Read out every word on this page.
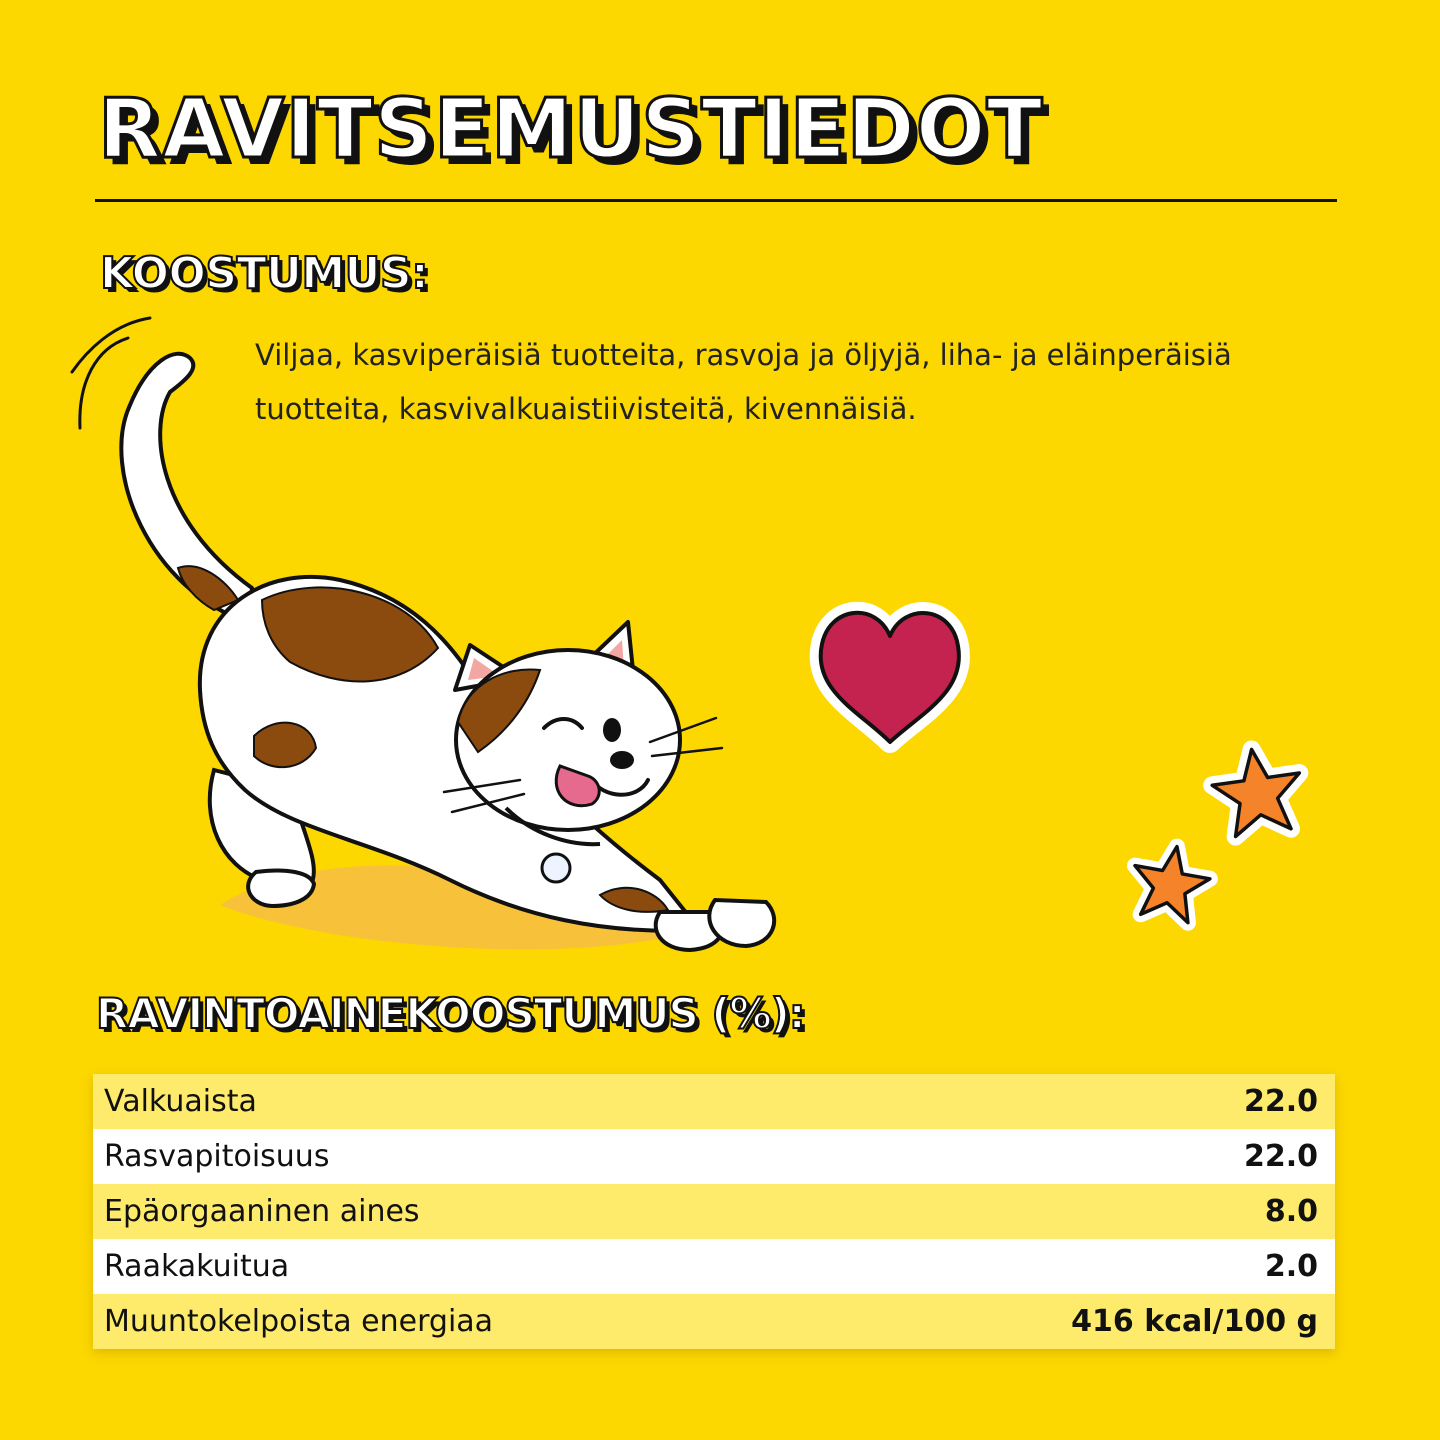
RAVITSEMUSTIEDOT
KOOSTUMUS:

Viljaa, kasviperäisiä tuotteita, rasvoja ja öljyjä, liha- ja eläinperäisiä tuotteita, kasvivalkuaistiivisteitä, kivennäisiä.

RAVINTOAINEKOOSTUMUS (%):
Valkuaista	22.0
Rasvapitoisuus	22.0
Epäorgaaninen aines	8.0
Raakakuitua	2.0
Muuntokelpoista energiaa	416 kcal/100 g
